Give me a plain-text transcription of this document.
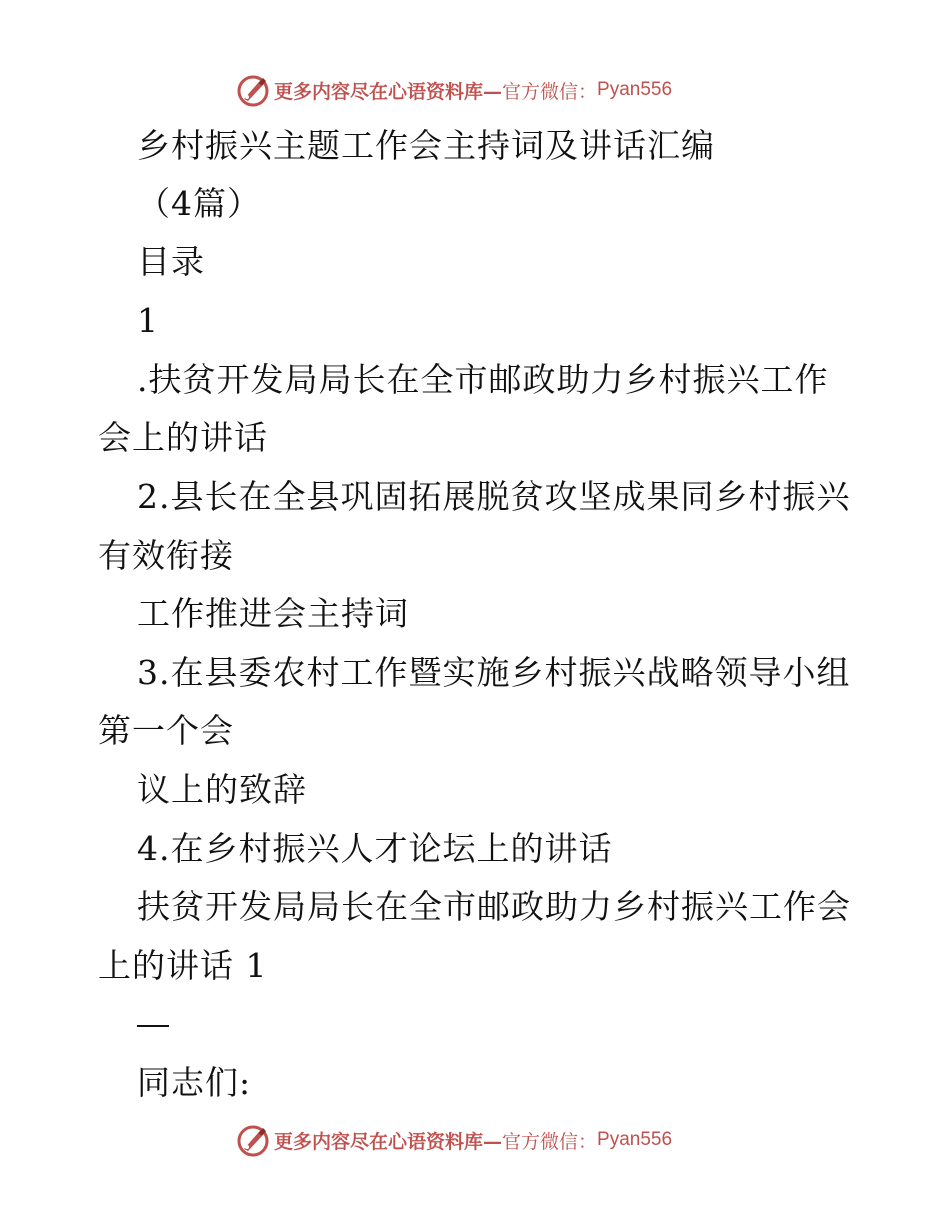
更多内容尽在心语资料库— 官方微信： Pyan556
乡村振兴主题工作会主持词及讲话汇编
（4篇）
目录
1
.扶贫开发局局长在全市邮政助力乡村振兴工作
会上的讲话
2.县长在全县巩固拓展脱贫攻坚成果同乡村振兴
有效衔接
工作推进会主持词
3.在县委农村工作暨实施乡村振兴战略领导小组
第一个会
议上的致辞
4.在乡村振兴人才论坛上的讲话
扶贫开发局局长在全市邮政助力乡村振兴工作会
上的讲话 1
同志们:
更多内容尽在心语资料库— 官方微信： Pyan556
